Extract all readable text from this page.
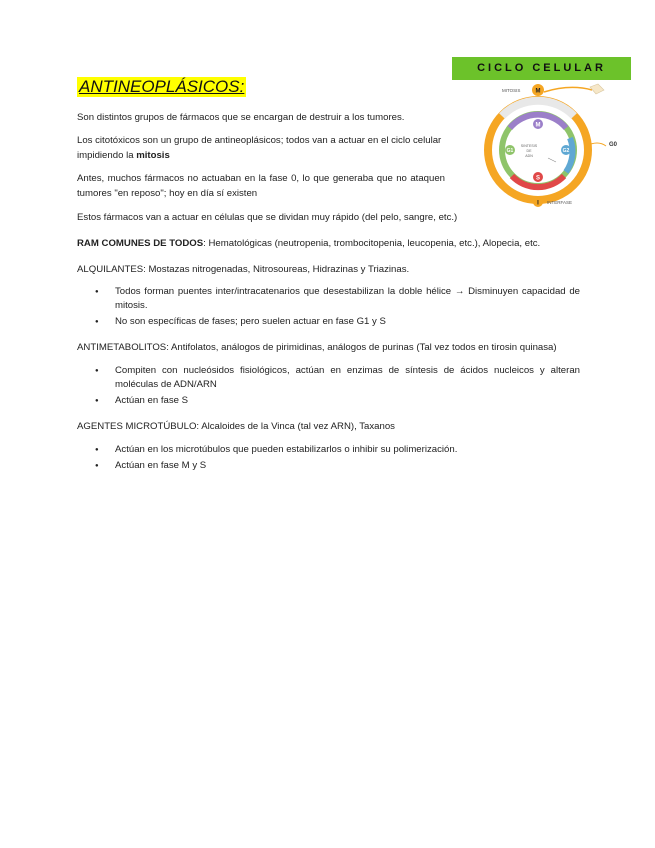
ANTINEOPLÁSICOS:

Son distintos grupos de fármacos que se encargan de destruir a los tumores.

Los citotóxicos son un grupo de antineoplásicos; todos van a actuar en el ciclo celular impidiendo la mitosis

Antes, muchos fármacos no actuaban en la fase 0, lo que generaba que no ataquen tumores "en reposo"; hoy en día sí existen

Estos fármacos van a actuar en células que se dividan muy rápido (del pelo, sangre, etc.)

RAM COMUNES DE TODOS: Hematológicas (neutropenia, trombocitopenia, leucopenia, etc.), Alopecia, etc.

ALQUILANTES: Mostazas nitrogenadas, Nitrosoureas, Hidrazinas y Triazinas.

● Todos forman puentes inter/intracatenarios que desestabilizan la doble hélice → Disminuyen capacidad de mitosis.
● No son específicas de fases; pero suelen actuar en fase G1 y S

ANTIMETABOLITOS: Antifolatos, análogos de pirimidinas, análogos de purinas (Tal vez todos en tirosin quinasa)

● Compiten con nucleósidos fisiológicos, actúan en enzimas de síntesis de ácidos nucleicos y alteran moléculas de ADN/ARN
● Actúan en fase S

AGENTES MICROTÚBULO: Alcaloides de la Vinca (tal vez ARN), Taxanos

● Actúan en los microtúbulos que pueden estabilizarlos o inhibir su polimerización.
● Actúan en fase M y S
CICLO CELULAR
MITOSIS	M
M
G1	G2
S
SINTESIS
DE
ADN
G0
I INTERFASE
